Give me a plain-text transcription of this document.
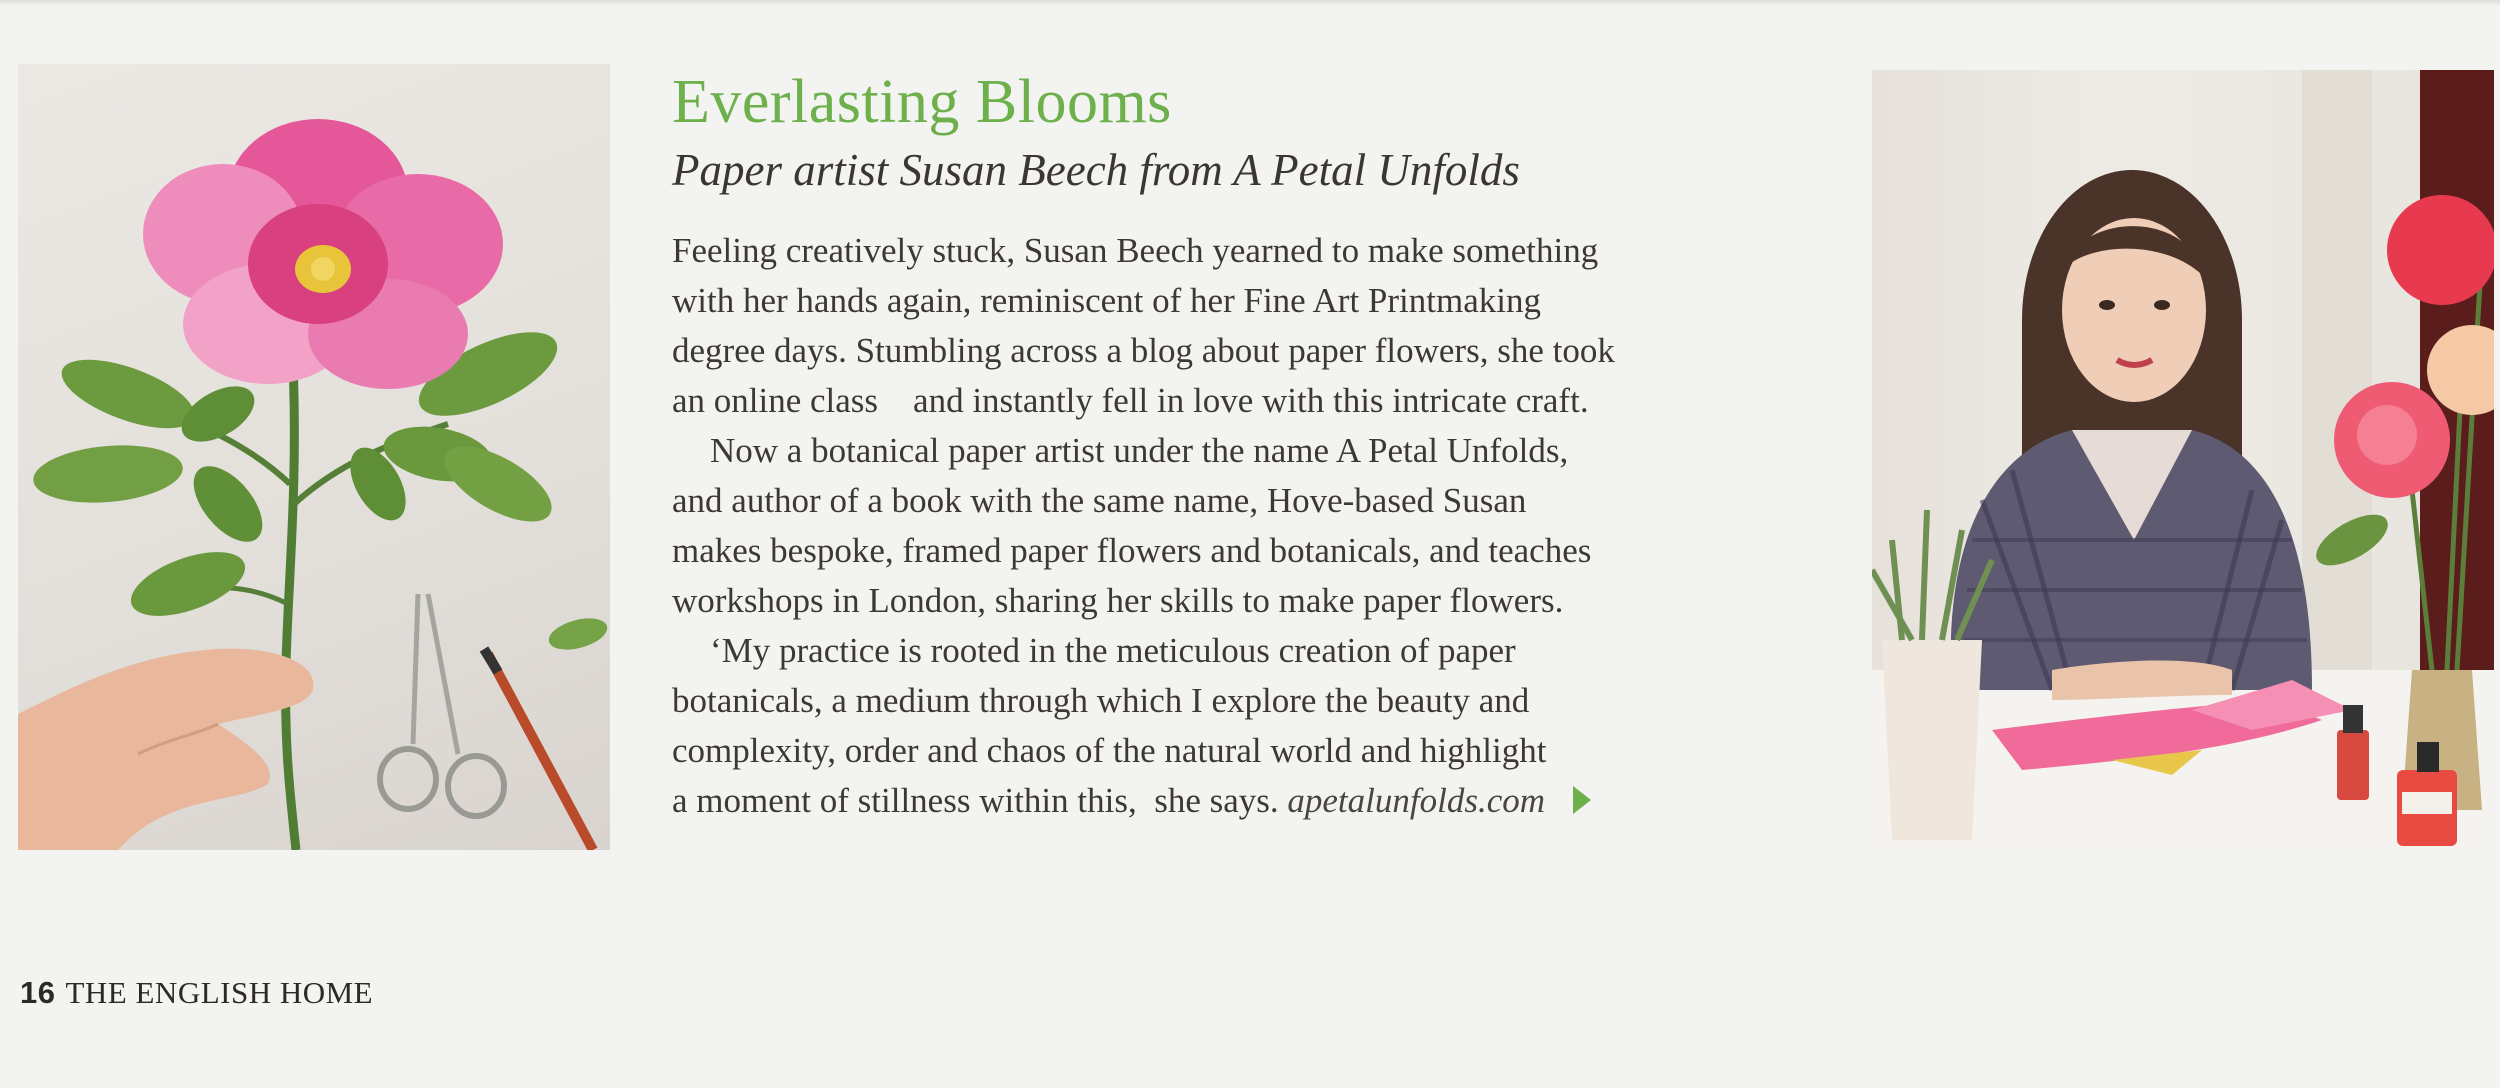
Everlasting Blooms
Paper artist Susan Beech from A Petal Unfolds

Feeling creatively stuck, Susan Beech yearned to make something

with her hands again, reminiscent of her Fine Art Printmaking

degree days. Stumbling across a blog about paper flowers, she took

an online class    and instantly fell in love with this intricate craft.

Now a botanical paper artist under the name A Petal Unfolds,

and author of a book with the same name, Hove-based Susan

makes bespoke, framed paper flowers and botanicals, and teaches

workshops in London, sharing her skills to make paper flowers.

‘My practice is rooted in the meticulous creation of paper

botanicals, a medium through which I explore the beauty and

complexity, order and chaos of the natural world and highlight

a moment of stillness within this,  she says. apetalunfolds.com

16 THE ENGLISH HOME
